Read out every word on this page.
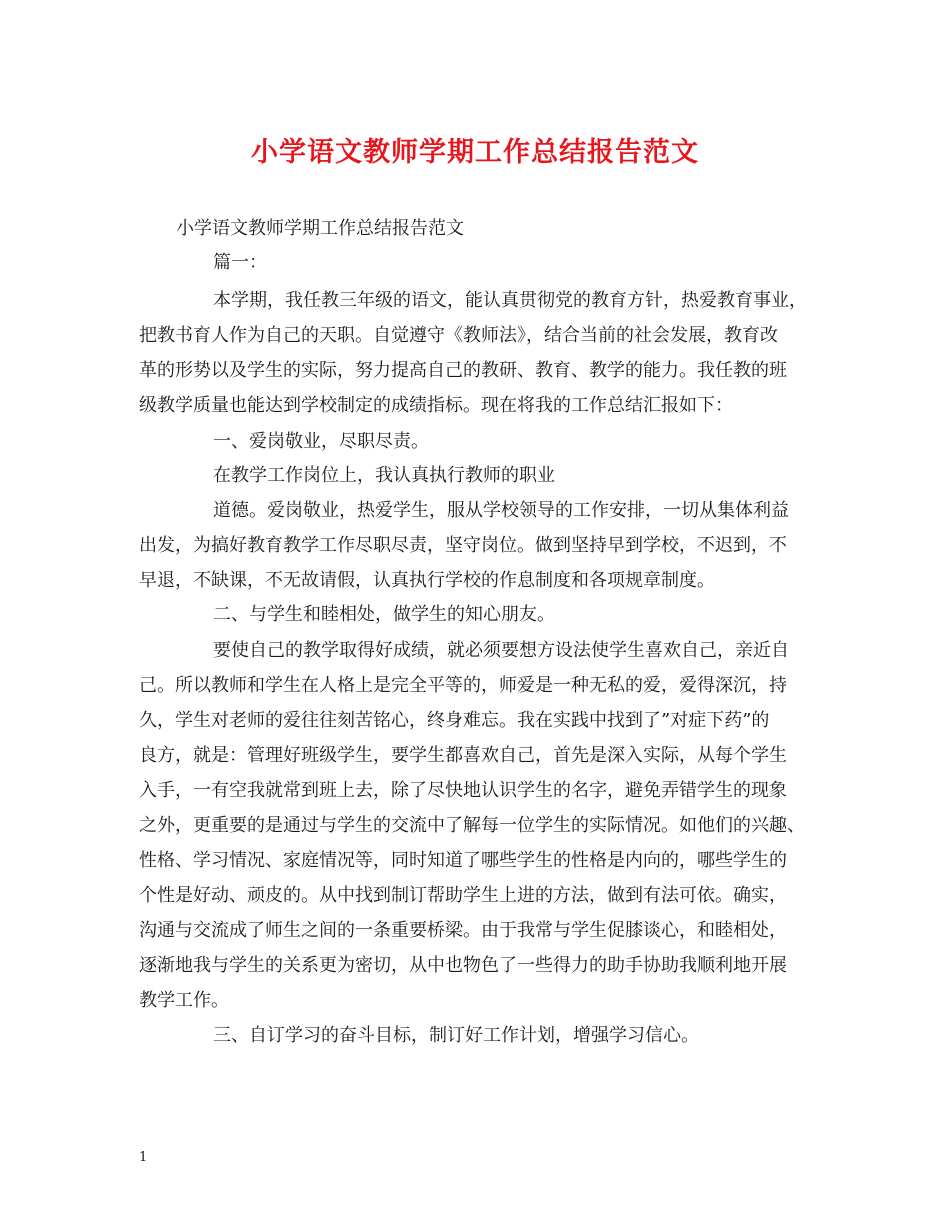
小学语文教师学期工作总结报告范文
小学语文教师学期工作总结报告范文
篇一：
本学期，我任教三年级的语文，能认真贯彻党的教育方针，热爱教育事业，
把教书育人作为自己的天职。自觉遵守《教师法》，结合当前的社会发展，教育改
革的形势以及学生的实际，努力提高自己的教研、教育、教学的能力。我任教的班
级教学质量也能达到学校制定的成绩指标。现在将我的工作总结汇报如下：
一、爱岗敬业，尽职尽责。
在教学工作岗位上，我认真执行教师的职业
道德。爱岗敬业，热爱学生，服从学校领导的工作安排，一切从集体利益
出发，为搞好教育教学工作尽职尽责，坚守岗位。做到坚持早到学校，不迟到，不
早退，不缺课，不无故请假，认真执行学校的作息制度和各项规章制度。
二、与学生和睦相处，做学生的知心朋友。
要使自己的教学取得好成绩，就必须要想方设法使学生喜欢自己，亲近自
己。所以教师和学生在人格上是完全平等的，师爱是一种无私的爱，爱得深沉，持
久，学生对老师的爱往往刻苦铭心，终身难忘。我在实践中找到了”对症下药”的
良方，就是：管理好班级学生，要学生都喜欢自己，首先是深入实际，从每个学生
入手，一有空我就常到班上去，除了尽快地认识学生的名字，避免弄错学生的现象
之外，更重要的是通过与学生的交流中了解每一位学生的实际情况。如他们的兴趣、
性格、学习情况、家庭情况等，同时知道了哪些学生的性格是内向的，哪些学生的
个性是好动、顽皮的。从中找到制订帮助学生上进的方法，做到有法可依。确实，
沟通与交流成了师生之间的一条重要桥梁。由于我常与学生促膝谈心，和睦相处，
逐渐地我与学生的关系更为密切，从中也物色了一些得力的助手协助我顺利地开展
教学工作。
三、自订学习的奋斗目标，制订好工作计划，增强学习信心。
1
